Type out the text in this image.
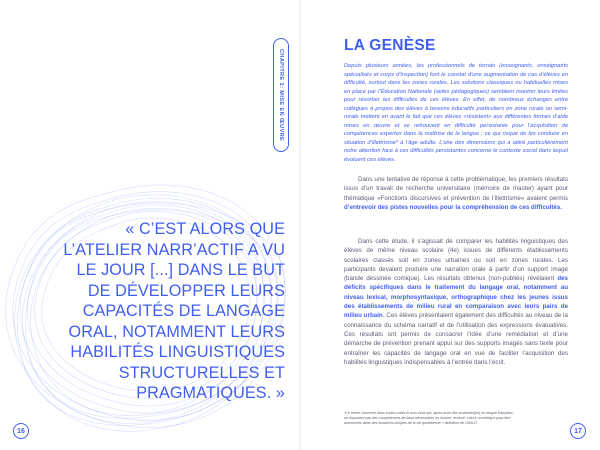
« C’EST ALORS QUE L’ATELIER NARR’ACTIF A VU LE JOUR [...] DANS LE BUT DE DÉVELOPPER LEURS CAPACITÉS DE LANGAGE ORAL, NOTAMMENT LEURS HABILITÉS LINGUISTIQUES STRUCTURELLES ET PRAGMATIQUES. »
16
LA GENÈSE
Depuis plusieurs années, les professionnels de terrain (enseignants, enseignants spécialisés et corps d’inspection) font le constat d’une augmentation de cas d’élèves en difficulté, surtout dans les zones rurales. Les solutions classiques ou habituelles mises en place par l’Éducation Nationale (aides pédagogiques) semblent montrer leurs limites pour résorber les difficultés de ces élèves. En effet, de nombreux échanges entre collègues à propos des élèves à besoins éducatifs particuliers en zone rurale ou semi-rurale mettent en avant le fait que ces élèves «résistent» aux différentes formes d’aide mises en œuvre et se retrouvent en difficulté persistante pour l’acquisition de compétences expertes dans la maîtrise de la langue ; ce qui risque de les conduire en situation d’illettrisme* à l’âge adulte. L’une des dimensions qui a attiré particulièrement notre attention face à ces difficultés persistantes concerne le contexte social dans lequel évoluent ces élèves.

Dans une tentative de réponse à cette problématique, les premiers résultats issus d’un travail de recherche universitaire (mémoire de master) ayant pour thématique «Fonctions discursives et prévention de l’illettrisme» avaient permis d’entrevoir des pistes nouvelles pour la compréhension de ces difficultés.

Dans cette étude, il s’agissait de comparer les habilités linguistiques des élèves de même niveau scolaire (4e) issues de différents établissements scolaires classés soit en zones urbaines ou soit en zones rurales. Les participants devaient produire une narration orale à partir d’un support imagé (bande dessinée comique). Les résultats obtenus (non-publiés) révélaient des déficits spécifiques dans le traitement du langage oral, notamment au niveau lexical, morphosyntaxique, orthographique chez les jeunes issus des établissements de milieu rural en comparaison avec leurs pairs de milieu urbain. Ces élèves présentaient également des difficultés au niveau de la connaissance du schéma narratif et de l’utilisation des expressions évaluatives. Ces résultats ont permis de consacrer l’idée d’une remédiation et d’une démarche de prévention prenant appui sur des supports imagés sans texte pour entraîner les capacités de langage oral en vue de faciliter l’acquisition des habilités linguistiques indispensables à l’entrée dans l’écrit.

*Ce terme concerne dans toutes cotes et tous ceux qui, après avoir été scolarisés(es) en langue française, ne disposent pas des compétences de base nécessaires en lecture, écriture, calcul, numérique pour être autonomes dans des situations simples de la vie quotidienne » définition de l’ANLCI
CHAPITRE 1: MISE EN ŒUVRE
17
